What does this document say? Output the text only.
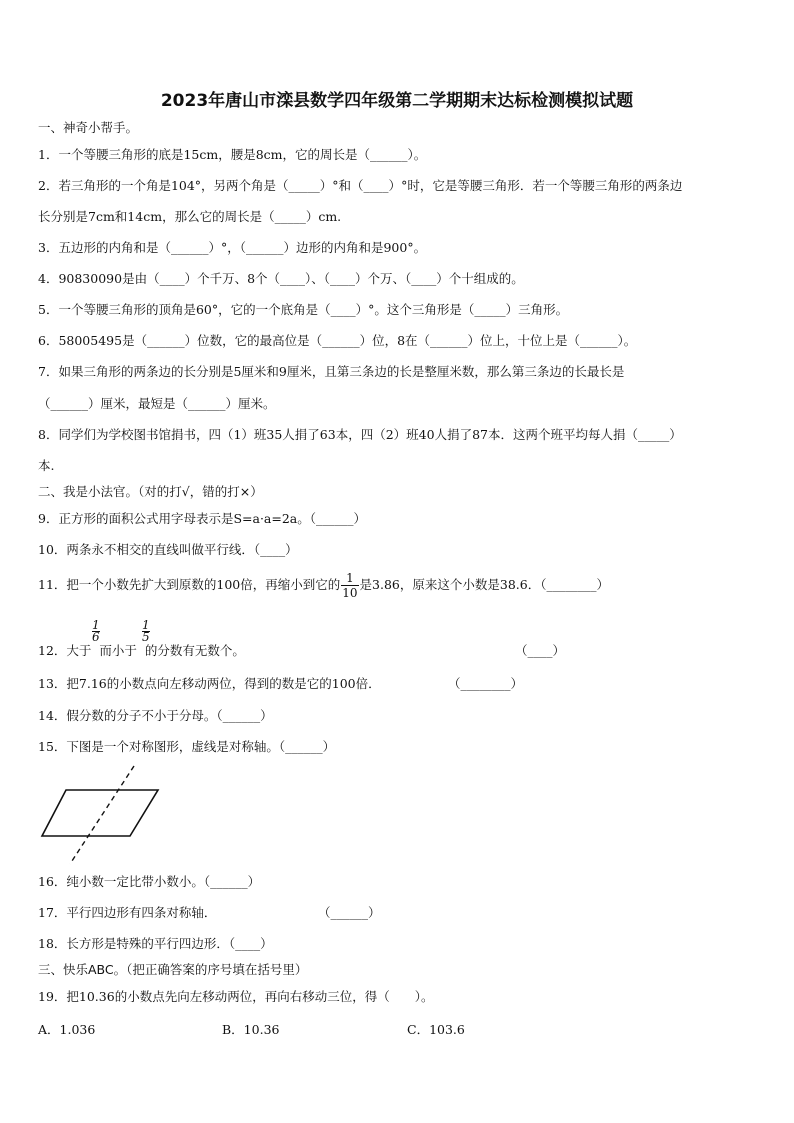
2023年唐山市滦县数学四年级第二学期期末达标检测模拟试题
一、神奇小帮手。
1．一个等腰三角形的底是15cm，腰是8cm，它的周长是（______）。
2．若三角形的一个角是104°，另两个角是（_____）°和（____）°时，它是等腰三角形．若一个等腰三角形的两条边
长分别是7cm和14cm，那么它的周长是（_____）cm.
3．五边形的内角和是（______）°，（______）边形的内角和是900°。
4．90830090是由（____）个千万、8个（____）、（____）个万、（____）个十组成的。
5．一个等腰三角形的顶角是60°，它的一个底角是（____）°。这个三角形是（_____）三角形。
6．58005495是（______）位数，它的最高位是（______）位，8在（______）位上，十位上是（______）。
7．如果三角形的两条边的长分别是5厘米和9厘米，且第三条边的长是整厘米数，那么第三条边的长最长是
（______）厘米，最短是（______）厘米。
8．同学们为学校图书馆捐书，四（1）班35人捐了63本，四（2）班40人捐了87本．这两个班平均每人捐（_____）
本.
二、我是小法官。（对的打√，错的打×）
9．正方形的面积公式用字母表示是S=a·a=2a。（______）
10．两条永不相交的直线叫做平行线．（____）
11．把一个小数先扩大到原数的100倍，再缩小到它的 $\frac{1}{10}$ 是3.86，原来这个小数是38.6．（________）
$\frac{1}{6}$	$\frac{1}{5}$
12．大于 而小于 的分数有无数个。	（____）
13．把7.16的小数点向左移动两位，得到的数是它的100倍．	（________）
14．假分数的分子不小于分母。（______）
15．下图是一个对称图形，虚线是对称轴。（______）
16．纯小数一定比带小数小。（______）
17．平行四边形有四条对称轴．	（______）
18．长方形是特殊的平行四边形．（____）
三、快乐ABC。（把正确答案的序号填在括号里）
19．把10.36的小数点先向左移动两位，再向右移动三位，得（　　）。
A．1.036	B．10.36	C．103.6
